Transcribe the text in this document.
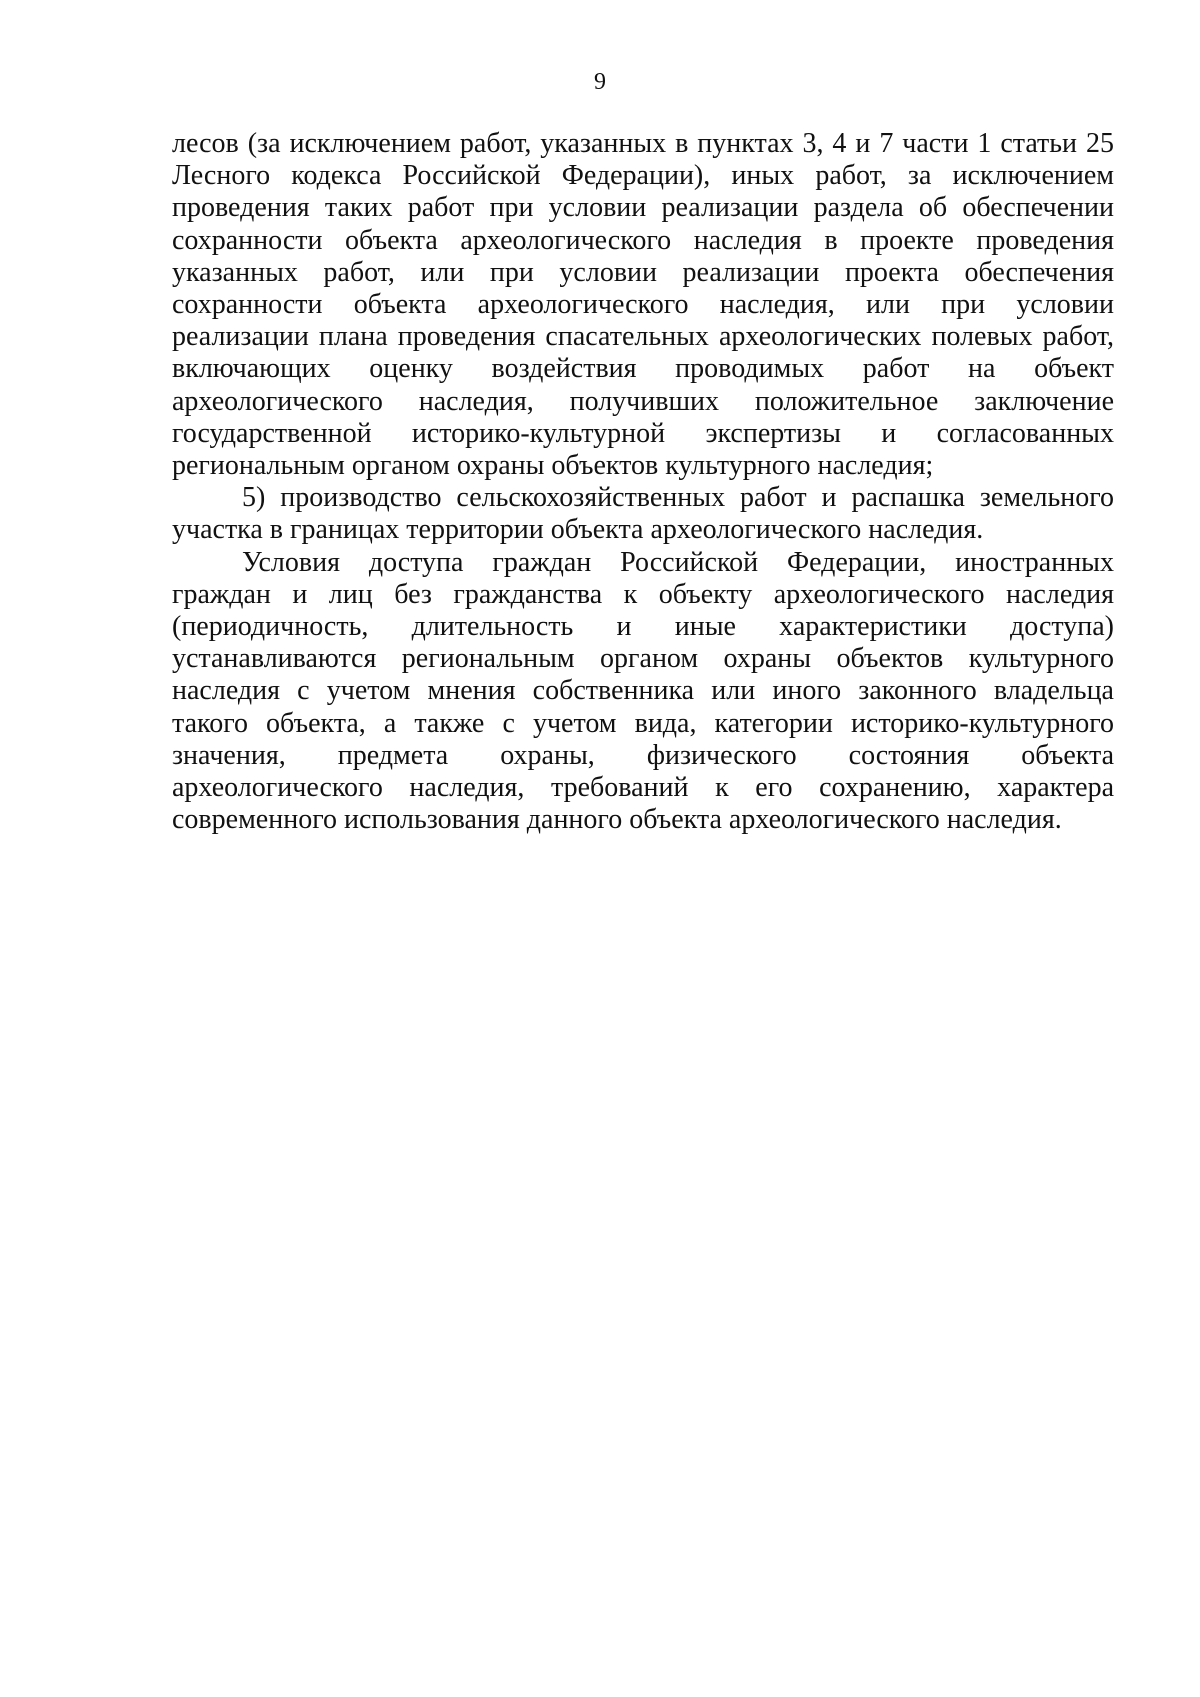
9
лесов (за исключением работ, указанных в пунктах 3, 4 и 7 части 1 статьи 25
Лесного кодекса Российской Федерации), иных работ, за исключением
проведения таких работ при условии реализации раздела об обеспечении
сохранности объекта археологического наследия в проекте проведения
указанных работ, или при условии реализации проекта обеспечения
сохранности объекта археологического наследия, или при условии
реализации плана проведения спасательных археологических полевых работ,
включающих оценку воздействия проводимых работ на объект
археологического наследия, получивших положительное заключение
государственной историко-культурной экспертизы и согласованных
региональным органом охраны объектов культурного наследия;
5) производство сельскохозяйственных работ и распашка земельного
участка в границах территории объекта археологического наследия.
Условия доступа граждан Российской Федерации, иностранных
граждан и лиц без гражданства к объекту археологического наследия
(периодичность, длительность и иные характеристики доступа)
устанавливаются региональным органом охраны объектов культурного
наследия с учетом мнения собственника или иного законного владельца
такого объекта, а также с учетом вида, категории историко-культурного
значения, предмета охраны, физического состояния объекта
археологического наследия, требований к его сохранению, характера
современного использования данного объекта археологического наследия.
